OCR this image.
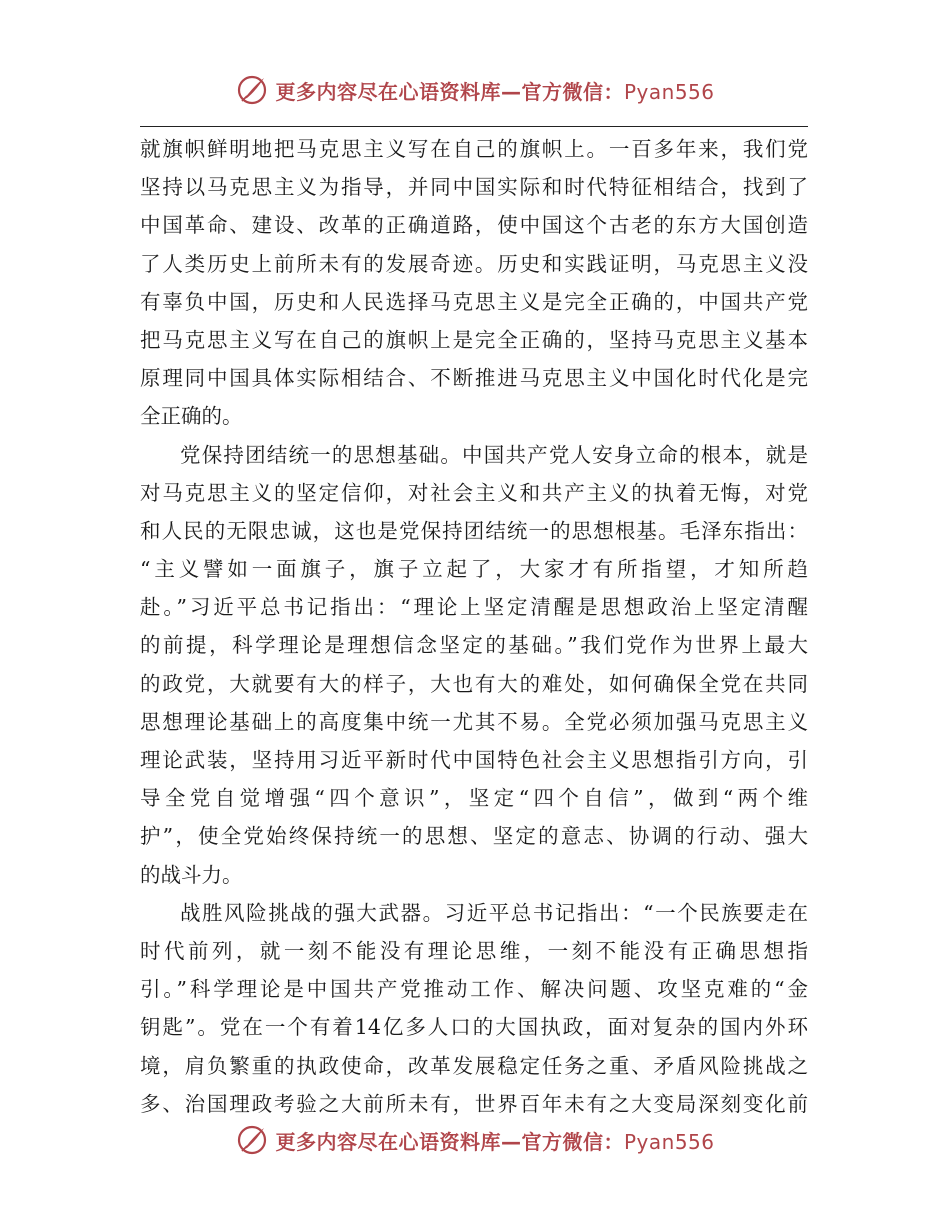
更多内容尽在心语资料库—官方微信：Pyan556
就旗帜鲜明地把马克思主义写在自己的旗帜上。一百多年来，我们党
坚持以马克思主义为指导，并同中国实际和时代特征相结合，找到了
中国革命、建设、改革的正确道路，使中国这个古老的东方大国创造
了人类历史上前所未有的发展奇迹。历史和实践证明，马克思主义没
有辜负中国，历史和人民选择马克思主义是完全正确的，中国共产党
把马克思主义写在自己的旗帜上是完全正确的，坚持马克思主义基本
原理同中国具体实际相结合、不断推进马克思主义中国化时代化是完
全正确的。
党保持团结统一的思想基础。中国共产党人安身立命的根本，就是
对马克思主义的坚定信仰，对社会主义和共产主义的执着无悔，对党
和人民的无限忠诚，这也是党保持团结统一的思想根基。毛泽东指出：
“主义譬如一面旗子，旗子立起了，大家才有所指望，才知所趋
赴。”习近平总书记指出：“理论上坚定清醒是思想政治上坚定清醒
的前提，科学理论是理想信念坚定的基础。”我们党作为世界上最大
的政党，大就要有大的样子，大也有大的难处，如何确保全党在共同
思想理论基础上的高度集中统一尤其不易。全党必须加强马克思主义
理论武装，坚持用习近平新时代中国特色社会主义思想指引方向，引
导全党自觉增强“四个意识”，坚定“四个自信”，做到“两个维
护”，使全党始终保持统一的思想、坚定的意志、协调的行动、强大
的战斗力。
战胜风险挑战的强大武器。习近平总书记指出：“一个民族要走在
时代前列，就一刻不能没有理论思维，一刻不能没有正确思想指
引。”科学理论是中国共产党推动工作、解决问题、攻坚克难的“金
钥匙”。党在一个有着14亿多人口的大国执政，面对复杂的国内外环
境，肩负繁重的执政使命，改革发展稳定任务之重、矛盾风险挑战之
多、治国理政考验之大前所未有，世界百年未有之大变局深刻变化前
更多内容尽在心语资料库—官方微信：Pyan556
